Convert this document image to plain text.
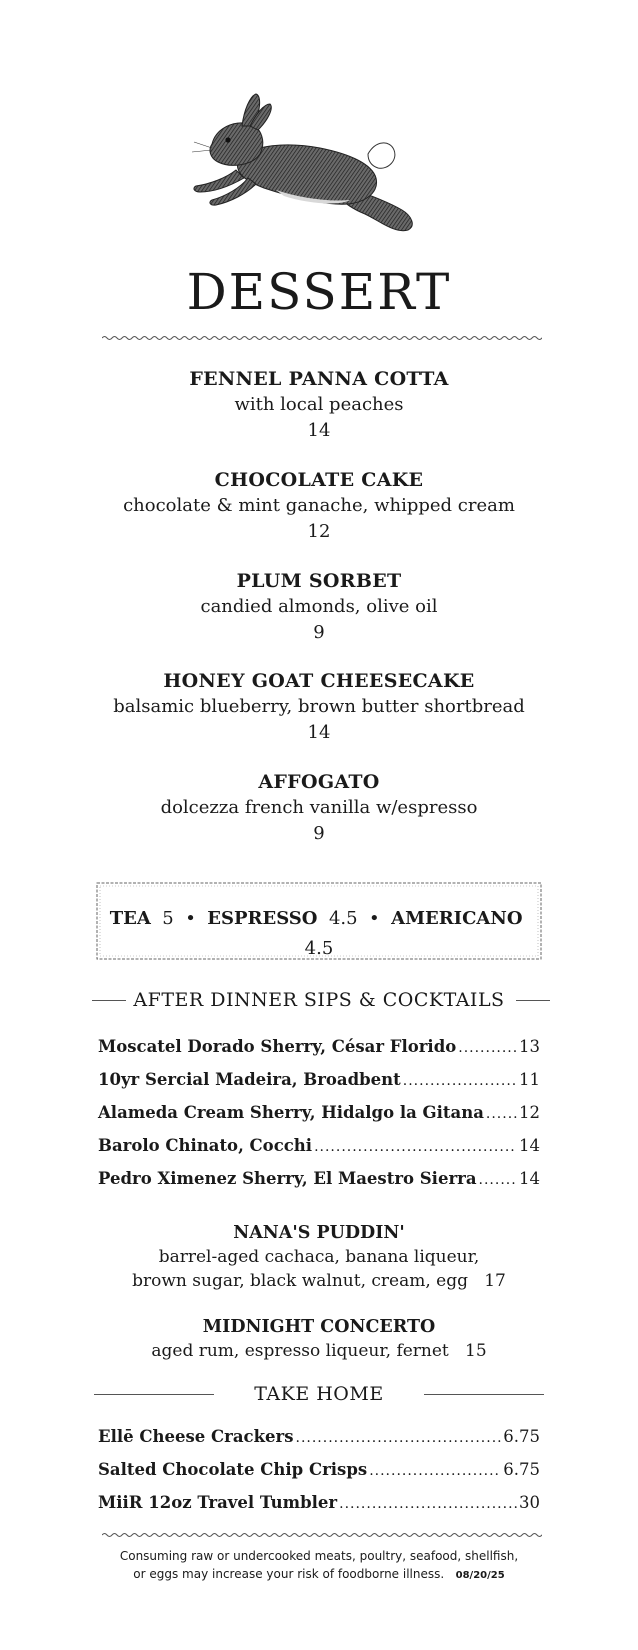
DESSERT
FENNEL PANNA COTTA
with local peaches
14
CHOCOLATE CAKE
chocolate & mint ganache, whipped cream
12
PLUM SORBET
candied almonds, olive oil
9
HONEY GOAT CHEESECAKE
balsamic blueberry, brown butter shortbread
14
AFFOGATO
dolcezza french vanilla w/espresso
9
TEA 5 • ESPRESSO 4.5 • AMERICANO  4.5
AFTER DINNER SIPS & COCKTAILS
Moscatel Dorado Sherry, César Florido .....	13
10yr Sercial Madeira, Broadbent .....	11
Alameda Cream Sherry, Hidalgo la Gitana ..... 12
Barolo Chinato, Cocchi .....	14
Pedro Ximenez Sherry, El Maestro Sierra .....	14
NANA'S PUDDIN'
barrel-aged cachaca, banana liqueur,
brown sugar, black walnut, cream, egg 17
MIDNIGHT CONCERTO
aged rum, espresso liqueur, fernet 15
TAKE HOME
Ellē Cheese Crackers .....	6.75
Salted Chocolate Chip Crisps .....	6.75
MiiR 12oz Travel Tumbler .....	30
Consuming raw or undercooked meats, poultry, seafood, shellfish,
or eggs may increase your risk of foodborne illness. 08/20/25
